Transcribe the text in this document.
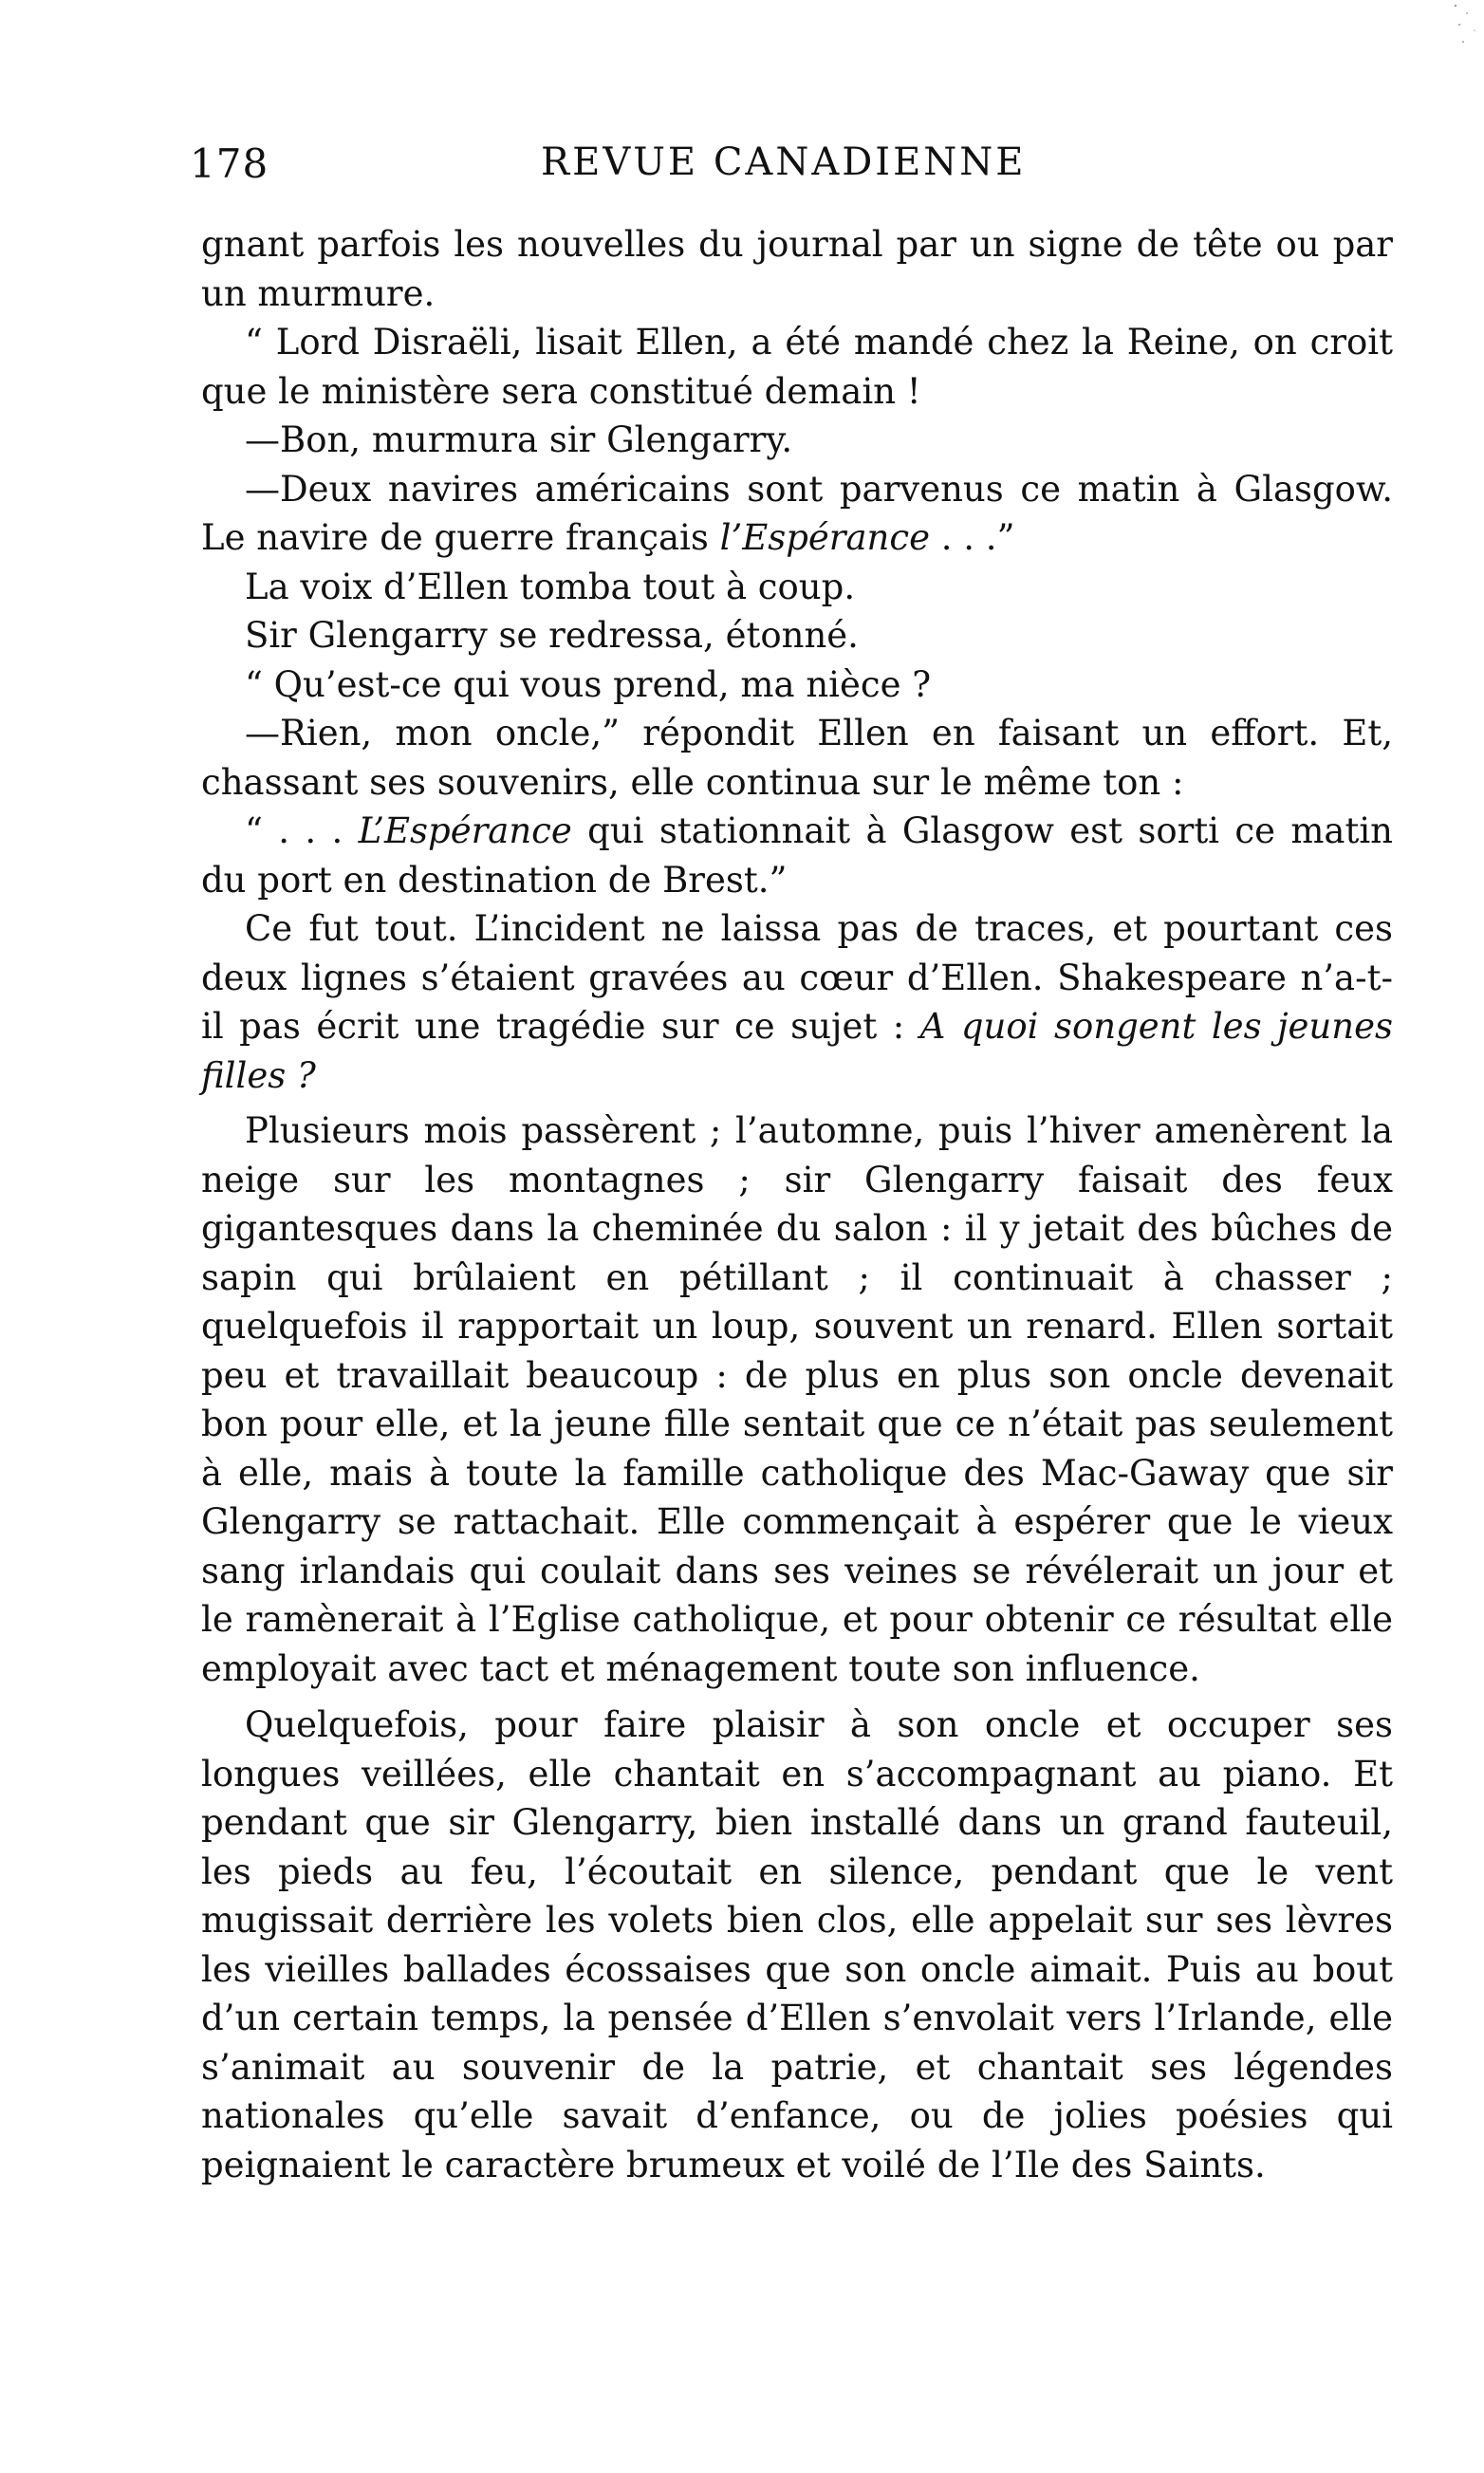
178	REVUE CANADIENNE

gnant parfois les nouvelles du journal par un signe de tête ou par un murmure.

“ Lord Disraëli, lisait Ellen, a été mandé chez la Reine, on croit que le ministère sera constitué demain !

—Bon, murmura sir Glengarry.

—Deux navires américains sont parvenus ce matin à Glasgow. Le navire de guerre français l’Espérance . . .”

La voix d’Ellen tomba tout à coup.

Sir Glengarry se redressa, étonné.

“ Qu’est-ce qui vous prend, ma nièce ?

—Rien, mon oncle,” répondit Ellen en faisant un effort. Et, chassant ses souvenirs, elle continua sur le même ton :

“ . . . L’Espérance qui stationnait à Glasgow est sorti ce matin du port en destination de Brest.”

Ce fut tout. L’incident ne laissa pas de traces, et pourtant ces deux lignes s’étaient gravées au cœur d’Ellen. Shakespeare n’a-t-il pas écrit une tragédie sur ce sujet : A quoi songent les jeunes filles ?

Plusieurs mois passèrent ; l’automne, puis l’hiver amenèrent la neige sur les montagnes ; sir Glengarry faisait des feux gigantesques dans la cheminée du salon : il y jetait des bûches de sapin qui brûlaient en pétillant ; il continuait à chasser ; quelquefois il rapportait un loup, souvent un renard. Ellen sortait peu et travaillait beaucoup : de plus en plus son oncle devenait bon pour elle, et la jeune fille sentait que ce n’était pas seulement à elle, mais à toute la famille catholique des Mac-Gaway que sir Glengarry se rattachait. Elle commençait à espérer que le vieux sang irlandais qui coulait dans ses veines se révélerait un jour et le ramènerait à l’Eglise catholique, et pour obtenir ce résultat elle employait avec tact et ménagement toute son influence.

Quelquefois, pour faire plaisir à son oncle et occuper ses longues veillées, elle chantait en s’accompagnant au piano. Et pendant que sir Glengarry, bien installé dans un grand fauteuil, les pieds au feu, l’écoutait en silence, pendant que le vent mugissait derrière les volets bien clos, elle appelait sur ses lèvres les vieilles ballades écossaises que son oncle aimait. Puis au bout d’un certain temps, la pensée d’Ellen s’envolait vers l’Irlande, elle s’animait au souvenir de la patrie, et chantait ses légendes nationales qu’elle savait d’enfance, ou de jolies poésies qui peignaient le caractère brumeux et voilé de l’Ile des Saints.
